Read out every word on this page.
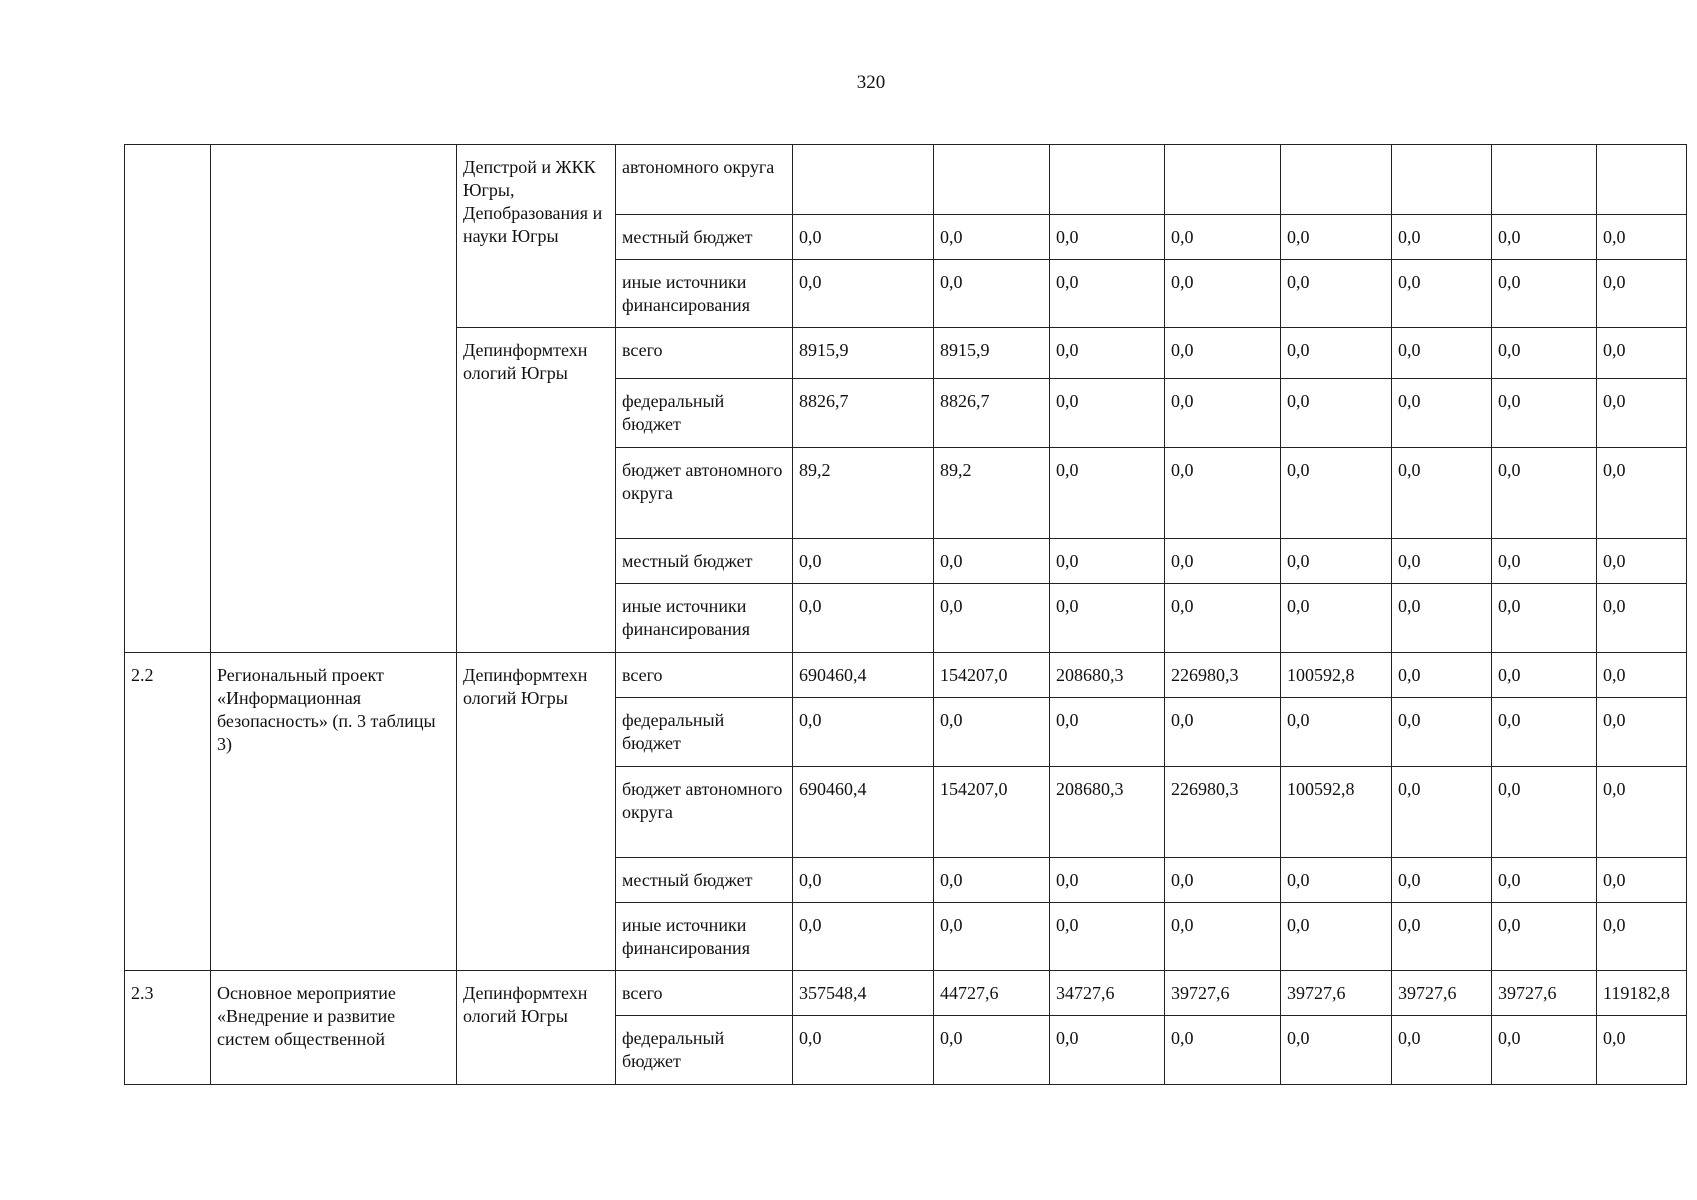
320
		Депстрой и ЖКК Югры, Депобразования и науки Югры	автономного округа								
			местный бюджет	0,0	0,0	0,0	0,0	0,0	0,0	0,0	0,0
			иные источники финансирования	0,0	0,0	0,0	0,0	0,0	0,0	0,0	0,0
		Депинформтехн ологий Югры	всего	8915,9	8915,9	0,0	0,0	0,0	0,0	0,0	0,0
			федеральный бюджет	8826,7	8826,7	0,0	0,0	0,0	0,0	0,0	0,0
			бюджет автономного округа	89,2	89,2	0,0	0,0	0,0	0,0	0,0	0,0
			местный бюджет	0,0	0,0	0,0	0,0	0,0	0,0	0,0	0,0
			иные источники финансирования	0,0	0,0	0,0	0,0	0,0	0,0	0,0	0,0
2.2	Региональный проект «Информационная безопасность» (п. 3 таблицы 3)	Депинформтехн ологий Югры	всего	690460,4	154207,0	208680,3	226980,3	100592,8	0,0	0,0	0,0
			федеральный бюджет	0,0	0,0	0,0	0,0	0,0	0,0	0,0	0,0
			бюджет автономного округа	690460,4	154207,0	208680,3	226980,3	100592,8	0,0	0,0	0,0
			местный бюджет	0,0	0,0	0,0	0,0	0,0	0,0	0,0	0,0
			иные источники финансирования	0,0	0,0	0,0	0,0	0,0	0,0	0,0	0,0
2.3	Основное мероприятие «Внедрение и развитие систем общественной	Депинформтехн ологий Югры	всего	357548,4	44727,6	34727,6	39727,6	39727,6	39727,6	39727,6	119182,8
			федеральный бюджет	0,0	0,0	0,0	0,0	0,0	0,0	0,0	0,0
